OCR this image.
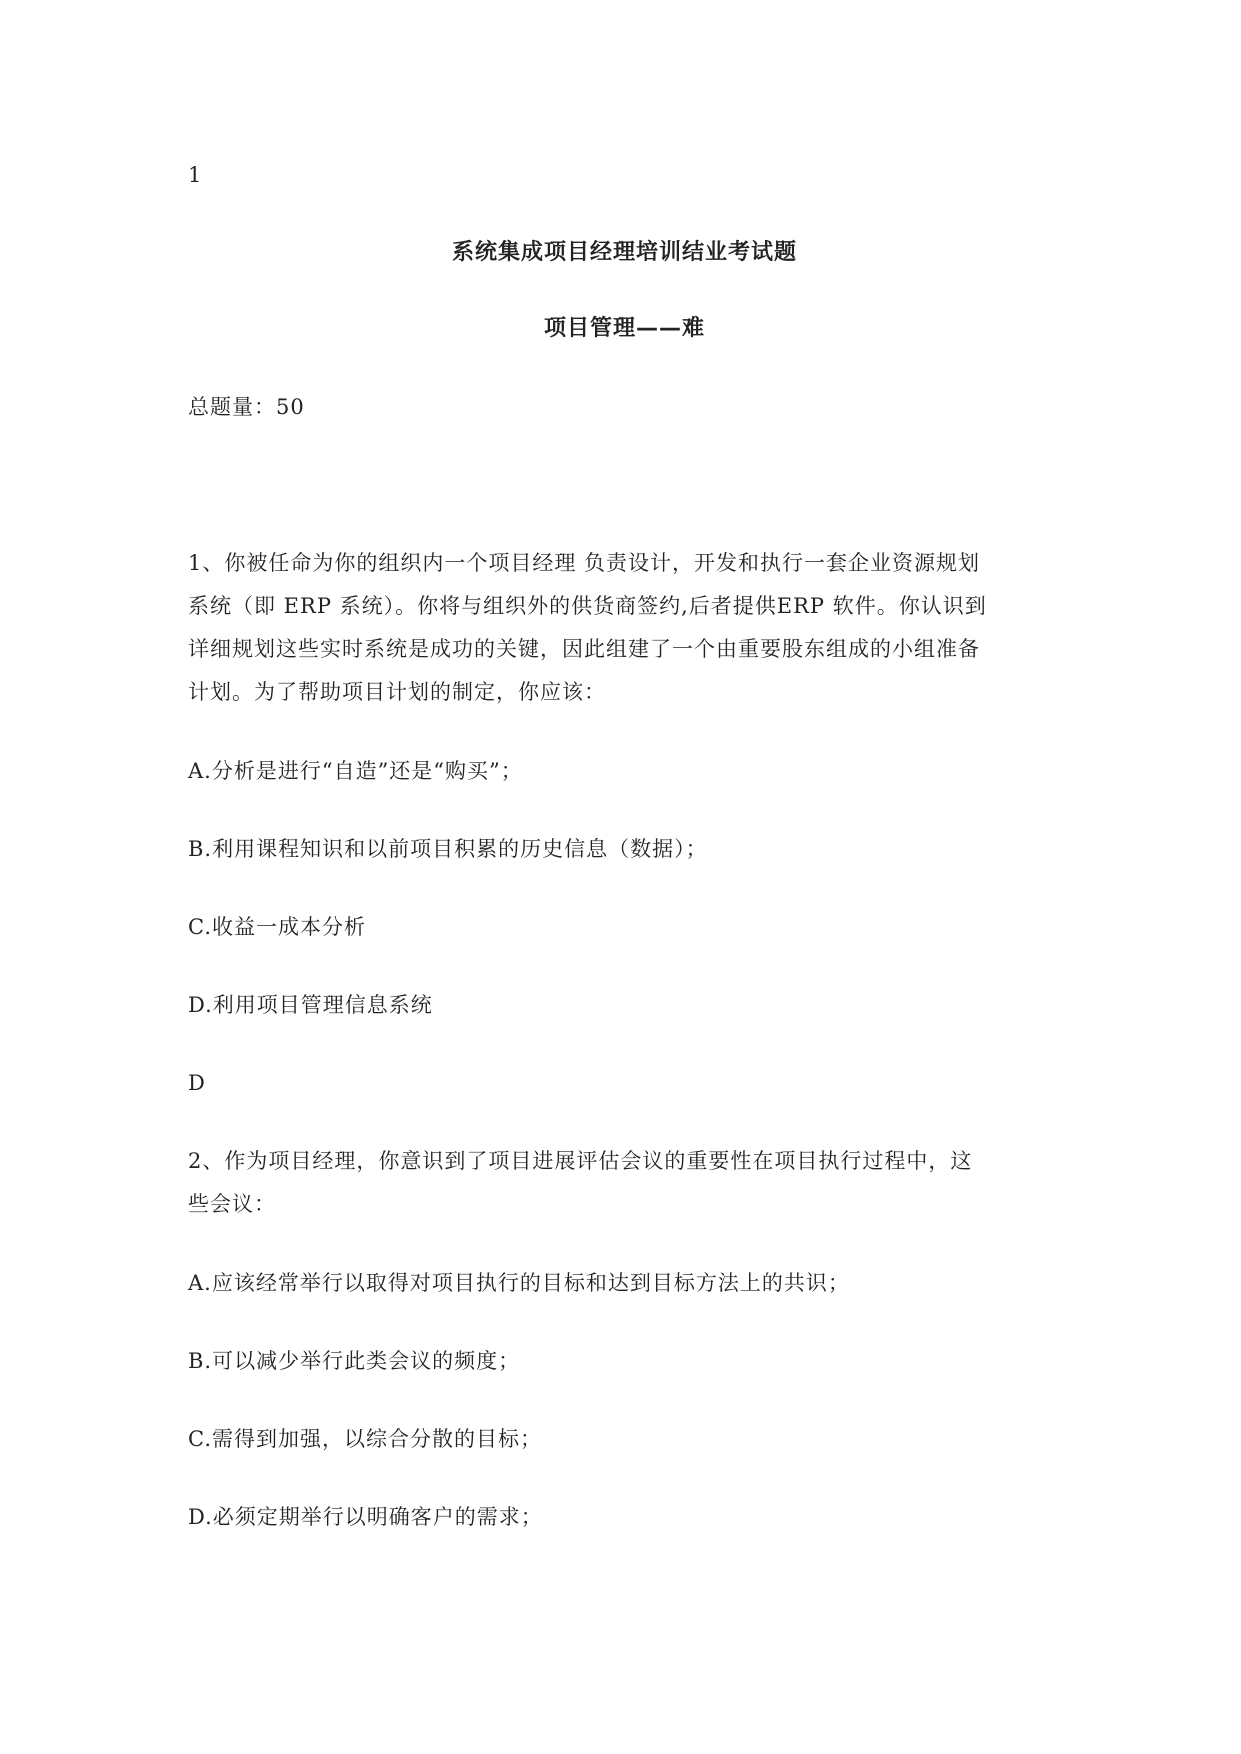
1
系统集成项目经理培训结业考试题
项目管理——难
总题量：50
1、你被任命为你的组织内一个项目经理 负责设计，开发和执行一套企业资源规划
系统（即 ERP 系统）。你将与组织外的供货商签约,后者提供ERP 软件。你认识到
详细规划这些实时系统是成功的关键，因此组建了一个由重要股东组成的小组准备
计划。为了帮助项目计划的制定，你应该：
A.分析是进行“自造”还是“购买”；
B.利用课程知识和以前项目积累的历史信息（数据）；
C.收益一成本分析
D.利用项目管理信息系统
D
2、作为项目经理，你意识到了项目进展评估会议的重要性在项目执行过程中，这
些会议：
A.应该经常举行以取得对项目执行的目标和达到目标方法上的共识；
B.可以减少举行此类会议的频度；
C.需得到加强，以综合分散的目标；
D.必须定期举行以明确客户的需求；
